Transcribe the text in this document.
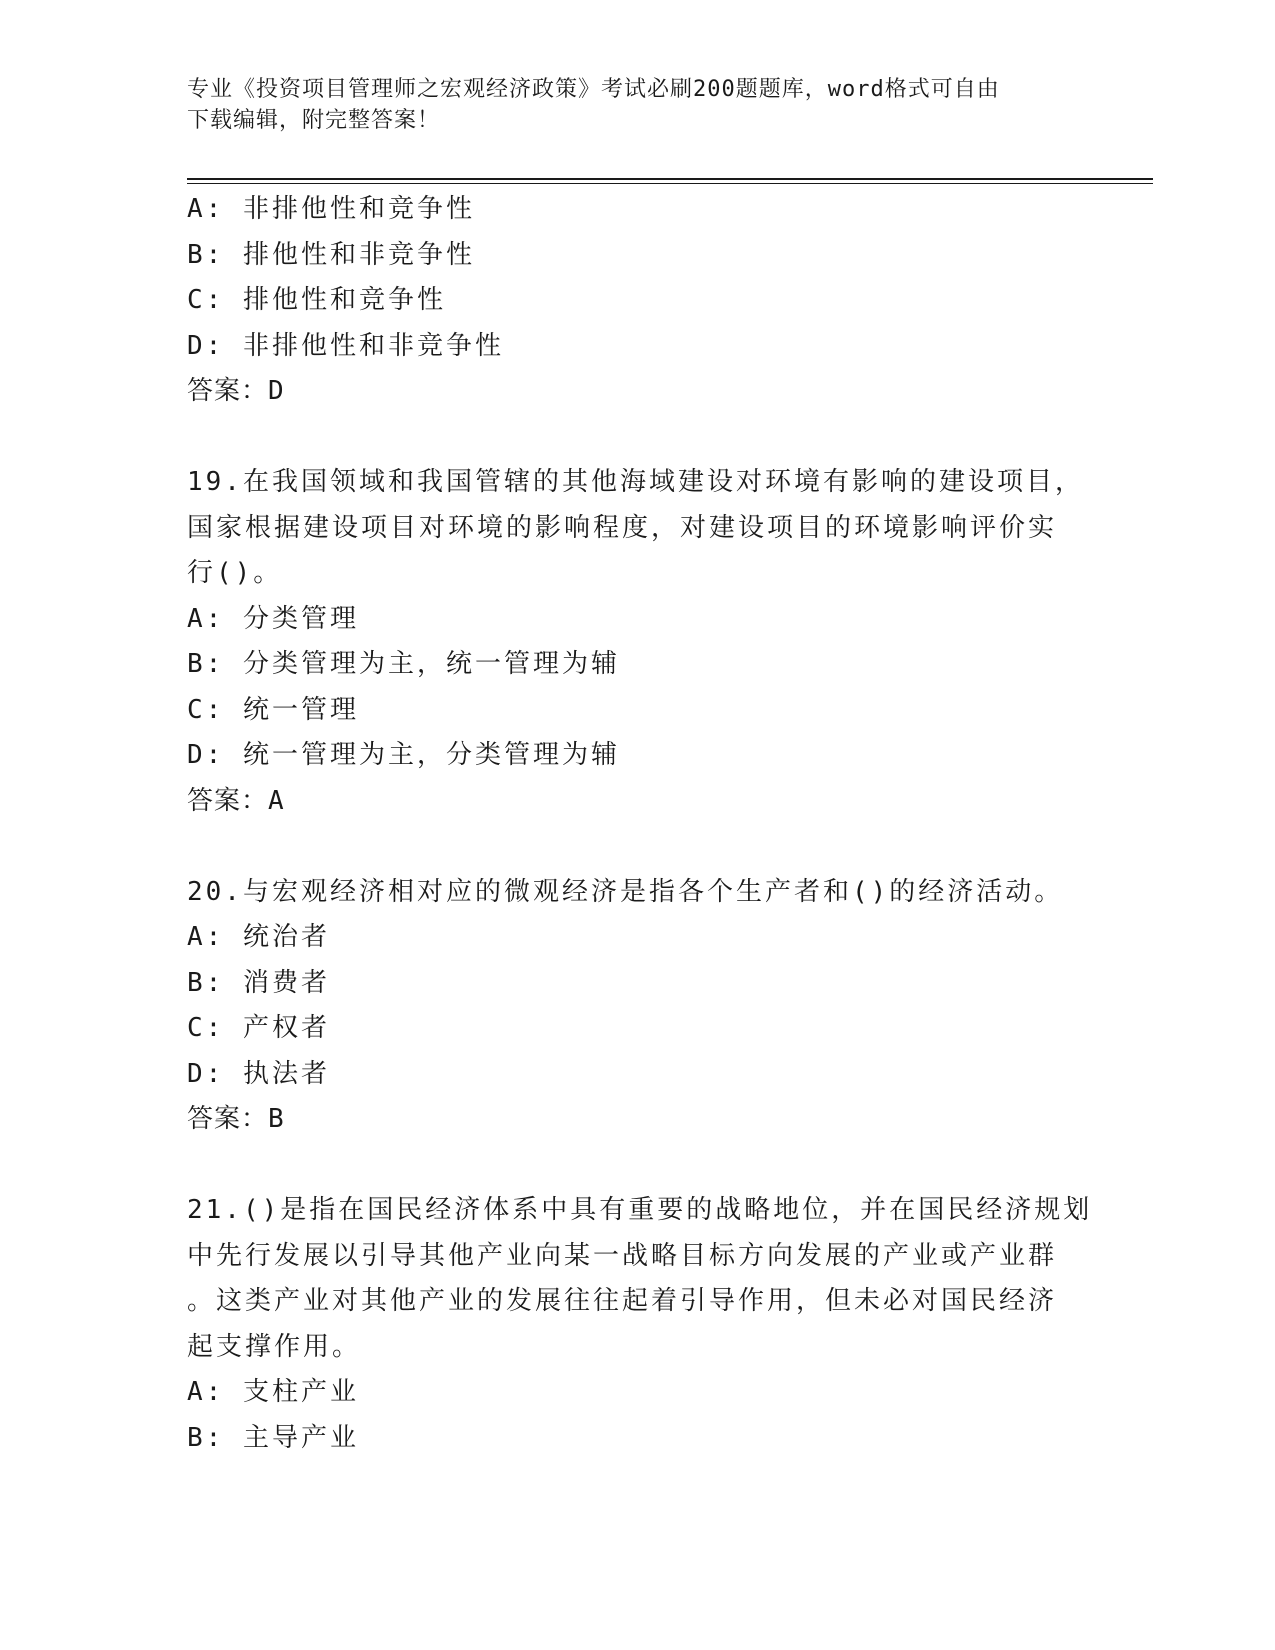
专业《投资项目管理师之宏观经济政策》考试必刷200题题库，word格式可自由
下载编辑，附完整答案！
A: 非排他性和竞争性
B: 排他性和非竞争性
C: 排他性和竞争性
D: 非排他性和非竞争性
答案：D
19.在我国领域和我国管辖的其他海域建设对环境有影响的建设项目，
国家根据建设项目对环境的影响程度，对建设项目的环境影响评价实
行()。
A: 分类管理
B: 分类管理为主，统一管理为辅
C: 统一管理
D: 统一管理为主，分类管理为辅
答案：A
20.与宏观经济相对应的微观经济是指各个生产者和()的经济活动。
A: 统治者
B: 消费者
C: 产权者
D: 执法者
答案：B
21.()是指在国民经济体系中具有重要的战略地位，并在国民经济规划
中先行发展以引导其他产业向某一战略目标方向发展的产业或产业群
。这类产业对其他产业的发展往往起着引导作用，但未必对国民经济
起支撑作用。
A: 支柱产业
B: 主导产业
